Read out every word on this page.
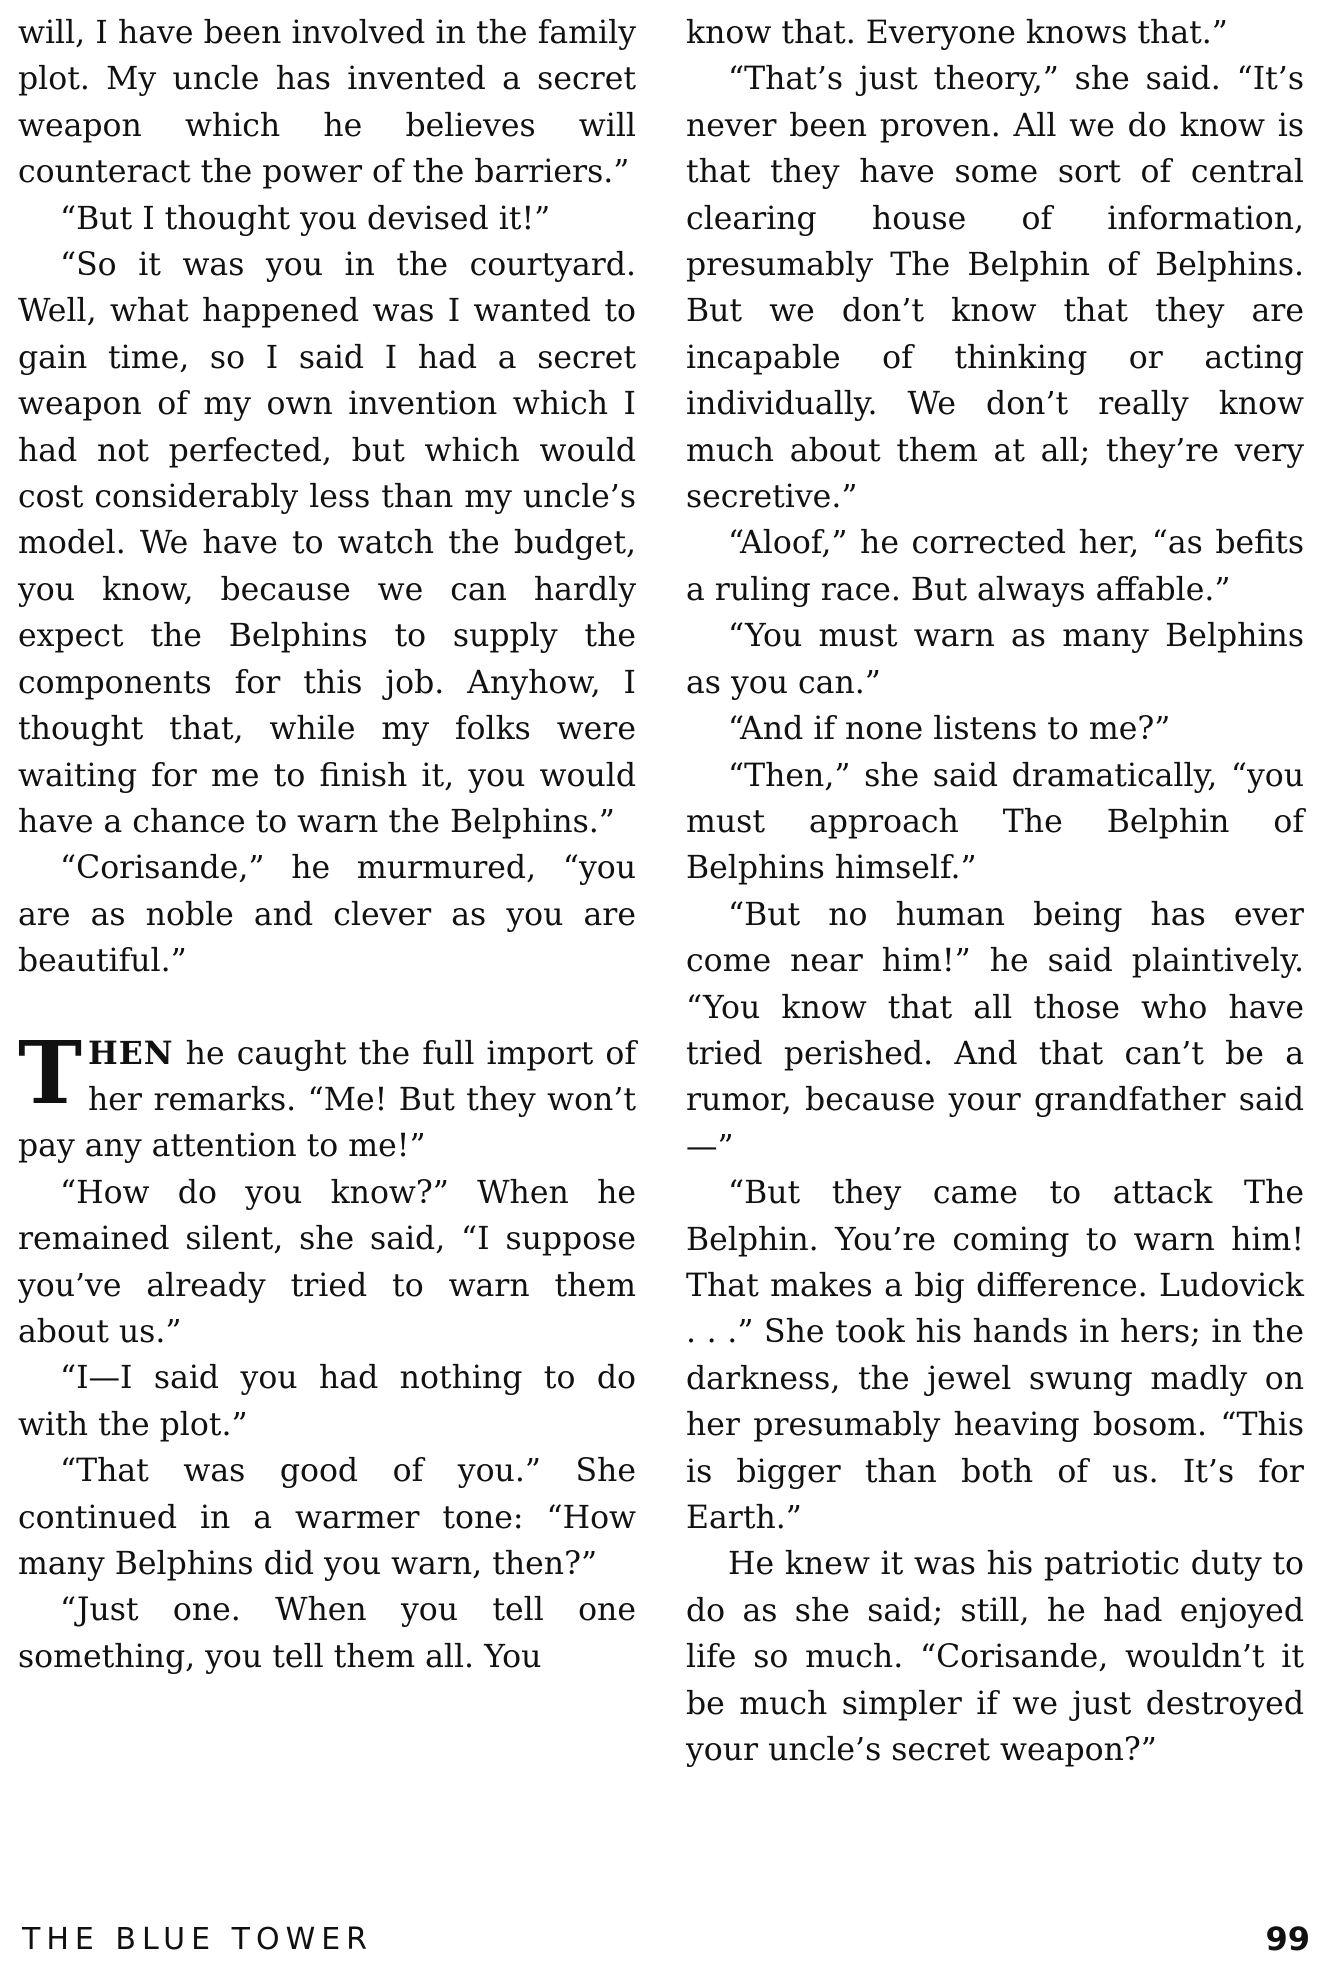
will, I have been involved in the family plot. My uncle has invented a secret weapon which he believes will counteract the power of the barriers.”

“But I thought you devised it!”

“So it was you in the courtyard. Well, what happened was I wanted to gain time, so I said I had a secret weapon of my own invention which I had not perfected, but which would cost considerably less than my uncle’s model. We have to watch the budget, you know, because we can hardly expect the Belphins to supply the components for this job. Anyhow, I thought that, while my folks were waiting for me to finish it, you would have a chance to warn the Belphins.”

“Corisande,” he murmured, “you are as noble and clever as you are beautiful.”

THEN he caught the full import of her remarks. “Me! But they won’t pay any attention to me!”

“How do you know?” When he remained silent, she said, “I suppose you’ve already tried to warn them about us.”

“I—I said you had nothing to do with the plot.”

“That was good of you.” She continued in a warmer tone: “How many Belphins did you warn, then?”

“Just one. When you tell one something, you tell them all. You

know that. Everyone knows that.”

“That’s just theory,” she said. “It’s never been proven. All we do know is that they have some sort of central clearing house of information, presumably The Belphin of Belphins. But we don’t know that they are incapable of thinking or acting individually. We don’t really know much about them at all; they’re very secretive.”

“Aloof,” he corrected her, “as befits a ruling race. But always affable.”

“You must warn as many Belphins as you can.”

“And if none listens to me?”

“Then,” she said dramatically, “you must approach The Belphin of Belphins himself.”

“But no human being has ever come near him!” he said plaintively. “You know that all those who have tried perished. And that can’t be a rumor, because your grandfather said—”

“But they came to attack The Belphin. You’re coming to warn him! That makes a big difference. Ludovick . . .” She took his hands in hers; in the darkness, the jewel swung madly on her presumably heaving bosom. “This is bigger than both of us. It’s for Earth.”

He knew it was his patriotic duty to do as she said; still, he had enjoyed life so much. “Corisande, wouldn’t it be much simpler if we just destroyed your uncle’s secret weapon?”

THE BLUE TOWER	99
